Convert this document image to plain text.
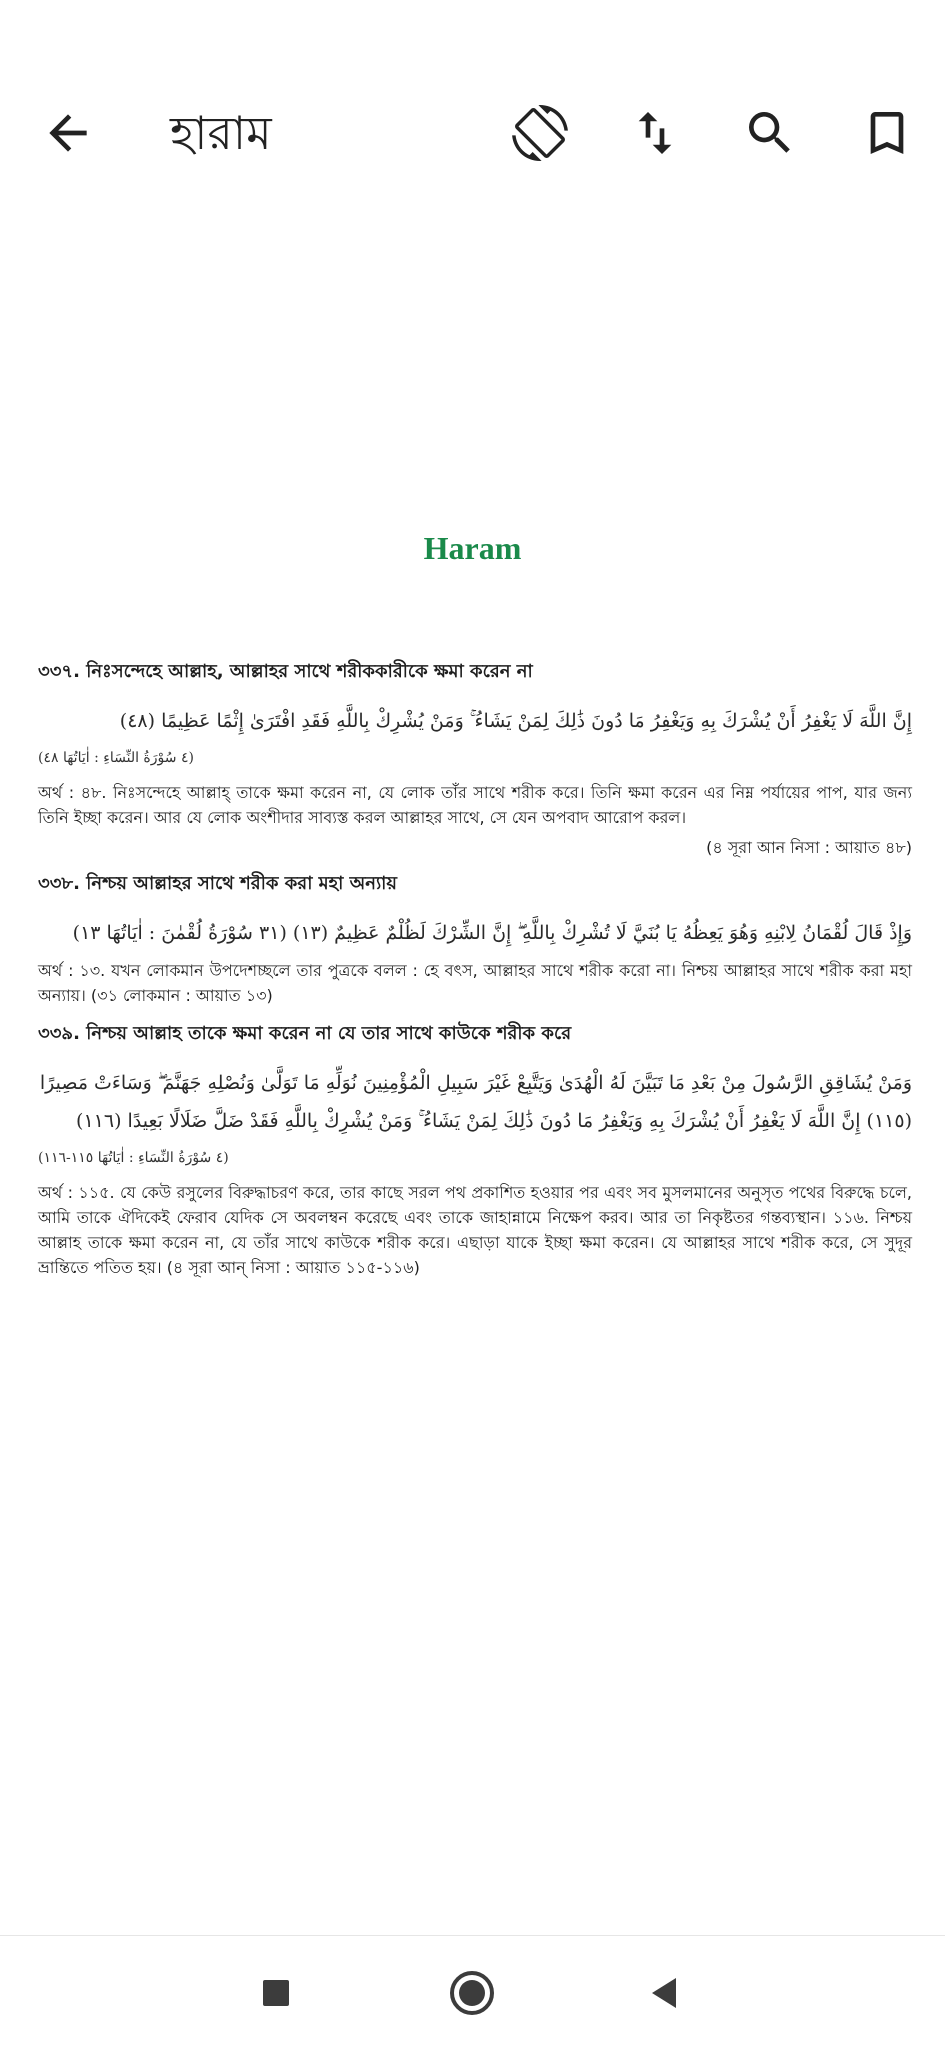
হারাম
Haram
৩৩৭. নিঃসন্দেহে আল্লাহ, আল্লাহর সাথে শরীককারীকে ক্ষমা করেন না
إِنَّ اللَّهَ لَا يَغْفِرُ أَنْ يُشْرَكَ بِهِ وَيَغْفِرُ مَا دُونَ ذَٰلِكَ لِمَنْ يَشَاءُ ۚ وَمَنْ يُشْرِكْ بِاللَّهِ فَقَدِ افْتَرَىٰ إِثْمًا عَظِيمًا (٤٨)
(٤ سُوْرَةُ النِّسَاءِ : اٰيَاتُهَا ٤٨)
অর্থ : ৪৮. নিঃসন্দেহে আল্লাহ্ তাকে ক্ষমা করেন না, যে লোক তাঁর সাথে শরীক করে। তিনি ক্ষমা করেন এর নিম্ন পর্যায়ের পাপ, যার জন্য তিনি ইচ্ছা করেন। আর যে লোক অংশীদার সাব্যস্ত করল আল্লাহর সাথে, সে যেন অপবাদ আরোপ করল।
(৪ সূরা আন নিসা : আয়াত ৪৮)
৩৩৮. নিশ্চয় আল্লাহর সাথে শরীক করা মহা অন্যায়
وَإِذْ قَالَ لُقْمَانُ لِابْنِهِ وَهُوَ يَعِظُهُ يَا بُنَيَّ لَا تُشْرِكْ بِاللَّهِ ۖ إِنَّ الشِّرْكَ لَظُلْمٌ عَظِيمٌ (١٣) (٣١ سُوْرَةُ لُقْمٰنَ : اٰيَاتُهَا ١٣)
অর্থ : ১৩. যখন লোকমান উপদেশচ্ছলে তার পুত্রকে বলল : হে বৎস, আল্লাহর সাথে শরীক করো না। নিশ্চয় আল্লাহর সাথে শরীক করা মহা অন্যায়। (৩১ লোকমান : আয়াত ১৩)
৩৩৯. নিশ্চয় আল্লাহ তাকে ক্ষমা করেন না যে তার সাথে কাউকে শরীক করে
وَمَنْ يُشَاقِقِ الرَّسُولَ مِنْ بَعْدِ مَا تَبَيَّنَ لَهُ الْهُدَىٰ وَيَتَّبِعْ غَيْرَ سَبِيلِ الْمُؤْمِنِينَ نُوَلِّهِ مَا تَوَلَّىٰ وَنُصْلِهِ جَهَنَّمَ ۖ وَسَاءَتْ مَصِيرًا (١١٥) إِنَّ اللَّهَ لَا يَغْفِرُ أَنْ يُشْرَكَ بِهِ وَيَغْفِرُ مَا دُونَ ذَٰلِكَ لِمَنْ يَشَاءُ ۚ وَمَنْ يُشْرِكْ بِاللَّهِ فَقَدْ ضَلَّ ضَلَالًا بَعِيدًا (١١٦)
(٤ سُوْرَةُ النِّسَاءِ : اٰيَاتُهَا ١١٥-١١٦)
অর্থ : ১১৫. যে কেউ রসুলের বিরুদ্ধাচরণ করে, তার কাছে সরল পথ প্রকাশিত হওয়ার পর এবং সব মুসলমানের অনুসৃত পথের বিরুদ্ধে চলে, আমি তাকে ঐদিকেই ফেরাব যেদিক সে অবলম্বন করেছে এবং তাকে জাহান্নামে নিক্ষেপ করব। আর তা নিকৃষ্টতর গন্তব্যস্থান। ১১৬. নিশ্চয় আল্লাহ তাকে ক্ষমা করেন না, যে তাঁর সাথে কাউকে শরীক করে। এছাড়া যাকে ইচ্ছা ক্ষমা করেন। যে আল্লাহর সাথে শরীক করে, সে সুদূর ভ্রান্তিতে পতিত হয়। (৪ সূরা আন্ নিসা : আয়াত ১১৫-১১৬)
